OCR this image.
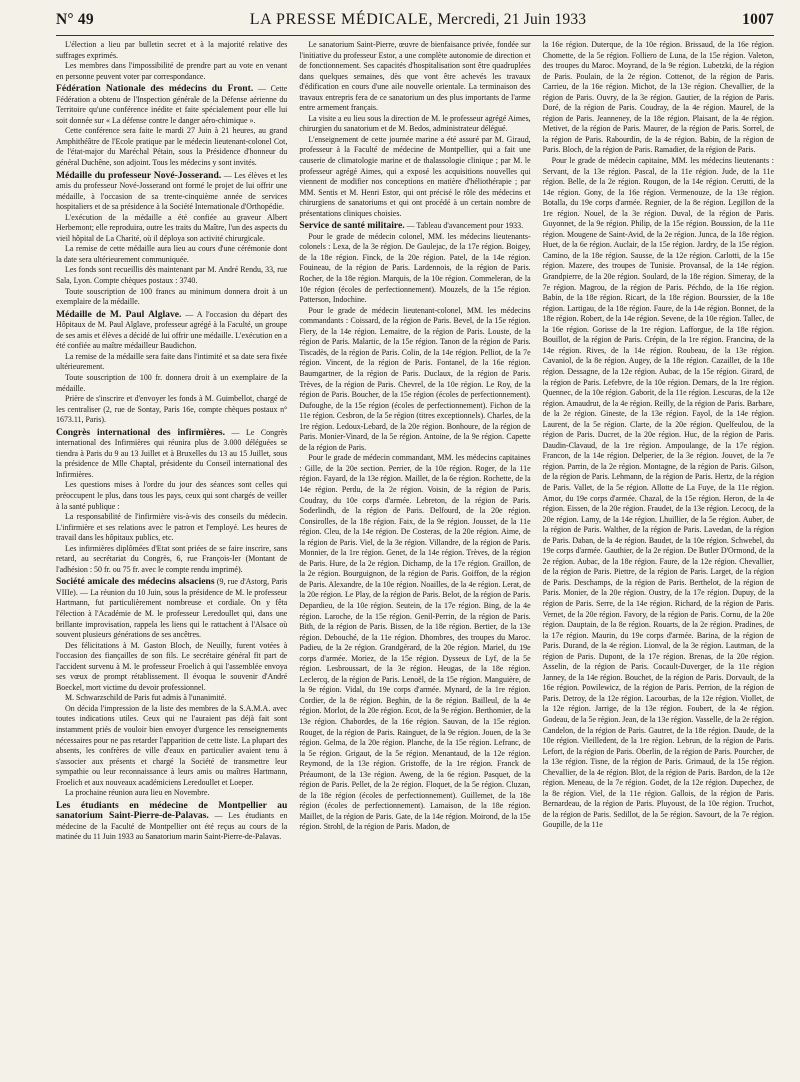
N° 49	LA PRESSE MÉDICALE, Mercredi, 21 Juin 1933	1007

L'élection a lieu par bulletin secret et à la majorité relative des suffrages exprimés.

Les membres dans l'impossibilité de prendre part au vote en venant en personne peuvent voter par correspondance.

Fédération Nationale des médecins du Front. — Cette Fédération a obtenu de l'Inspection générale de la Défense aérienne du Territoire qu'une conférence inédite et faite spécialement pour elle lui soit donnée sur « La défense contre le danger aéro-chimique ».

Cette conférence sera faite le mardi 27 Juin à 21 heures, au grand Amphithéâtre de l'Ecole pratique par le médecin lieutenant-colonel Cot, de l'état-major du Maréchal Pétain, sous la Présidence d'honneur du général Duchêne, son adjoint. Tous les médecins y sont invités.

Médaille du professeur Nové-Josserand. — Les élèves et les amis du professeur Nové-Josserand ont formé le projet de lui offrir une médaille, à l'occasion de sa trente-cinquième année de services hospitaliers et de sa présidence à la Société Internationale d'Orthopédie.

L'exécution de la médaille a été confiée au graveur Albert Herbemont; elle reproduira, outre les traits du Maître, l'un des aspects du vieil hôpital de La Charité, où il déploya son activité chirurgicale.

La remise de cette médaille aura lieu au cours d'une cérémonie dont la date sera ultérieurement communiquée.

Les fonds sont recueillis dès maintenant par M. André Rendu, 33, rue Sala, Lyon. Compte chèques postaux : 3740.

Toute souscription de 100 francs au minimum donnera droit à un exemplaire de la médaille.

Médaille de M. Paul Alglave. — A l'occasion du départ des Hôpitaux de M. Paul Alglave, professeur agrégé à la Faculté, un groupe de ses amis et élèves a décidé de lui offrir une médaille. L'exécution en a été confiée au maître médailleur Baudichon.

La remise de la médaille sera faite dans l'intimité et sa date sera fixée ultérieurement.

Toute souscription de 100 fr. donnera droit à un exemplaire de la médaille.

Prière de s'inscrire et d'envoyer les fonds à M. Guimbellot, chargé de les centraliser (2, rue de Sontay, Paris 16e, compte chèques postaux n° 1673.11, Paris).

Congrès international des infirmières. — Le Congrès international des Infirmières qui réunira plus de 3.000 déléguées se tiendra à Paris du 9 au 13 Juillet et à Bruxelles du 13 au 15 Juillet, sous la présidence de Mlle Chaptal, présidente du Conseil international des Infirmières.

Les questions mises à l'ordre du jour des séances sont celles qui préoccupent le plus, dans tous les pays, ceux qui sont chargés de veiller à la santé publique :

La responsabilité de l'infirmière vis-à-vis des conseils du médecin. L'infirmière et ses relations avec le patron et l'employé. Les heures de travail dans les hôpitaux publics, etc.

Les infirmières diplômées d'Etat sont priées de se faire inscrire, sans retard, au secrétariat du Congrès, 6, rue François-Ier (Montant de l'adhésion : 50 fr. ou 75 fr. avec le compte rendu imprimé).

Société amicale des médecins alsaciens (9, rue d'Astorg, Paris VIIIe). — La réunion du 10 Juin, sous la présidence de M. le professeur Hartmann, fut particulièrement nombreuse et cordiale. On y fêta l'élection à l'Académie de M. le professeur Leredoullet qui, dans une brillante improvisation, rappela les liens qui le rattachent à l'Alsace où souvent plusieurs générations de ses ancêtres.

Des félicitations à M. Gaston Bloch, de Neuilly, furent votées à l'occasion des fiançailles de son fils. Le secrétaire général fit part de l'accident survenu à M. le professeur Froelich à qui l'assemblée envoya ses vœux de prompt rétablissement. Il évoqua le souvenir d'André Boeckel, mort victime du devoir professionnel.

M. Schwarzschild de Paris fut admis à l'unanimité.

On décida l'impression de la liste des membres de la S.A.M.A. avec toutes indications utiles. Ceux qui ne l'auraient pas déjà fait sont instamment priés de vouloir bien envoyer d'urgence les renseignements nécessaires pour ne pas retarder l'apparition de cette liste. La plupart des absents, les confrères de ville d'eaux en particulier avaient tenu à s'associer aux présents et chargé la Société de transmettre leur sympathie ou leur reconnaissance à leurs amis ou maîtres Hartmann, Froelich et aux nouveaux académiciens Leredoullet et Loeper.

La prochaine réunion aura lieu en Novembre.

Les étudiants en médecine de Montpellier au sanatorium Saint-Pierre-de-Palavas. — Les étudiants en médecine de la Faculté de Montpellier ont été reçus au cours de la matinée du 11 Juin 1933 au Sanatorium marin Saint-Pierre-de-Palavas.

Le sanatorium Saint-Pierre, œuvre de bienfaisance privée, fondée sur l'initiative du professeur Estor, a une complète autonomie de direction et de fonctionnement. Ses capacités d'hospitalisation sont être quadruplées dans quelques semaines, dès que vont être achevés les travaux d'édification en cours d'une aile nouvelle orientale. La terminaison des travaux entrepris fera de ce sanatorium un des plus importants de l'arme entre armement français.

La visite a eu lieu sous la direction de M. le professeur agrégé Aimes, chirurgien du sanatorium et de M. Bedos, administrateur délégué.

L'enseignement de cette journée marine a été assuré par M. Giraud, professeur à la Faculté de médecine de Montpellier, qui a fait une causerie de climatologie marine et de thalassologie clinique ; par M. le professeur agrégé Aimes, qui a exposé les acquisitions nouvelles qui viennent de modifier nos conceptions en matière d'héliothérapie ; par MM. Sentis et M. Henri Estor, qui ont précisé le rôle des médecins et chirurgiens de sanatoriums et qui ont procédé à un certain nombre de présentations cliniques choisies.

Service de santé militaire. — Tableau d'avancement pour 1933.

Pour le grade de médecin colonel, MM. les médecins lieutenants-colonels : Lexa, de la 3e région. De Gaulejac, de la 17e région. Boigey, de la 18e région. Finck, de la 20e région. Patel, de la 14e région. Fouineau, de la région de Paris. Lardennois, de la région de Paris. Rocher, de la 18e région. Marquis, de la 10e région. Commeleran, de la 10e région (écoles de perfectionnement). Mouzels, de la 15e région. Patterson, Indochine.

Pour le grade de médecin lieutenant-colonel, MM. les médecins commandants : Coissard, de la région de Paris. Bevel, de la 15e région. Fiery, de la 14e région. Lemaitre, de la région de Paris. Louste, de la région de Paris. Malartic, de la 15e région. Tanon de la région de Paris. Tiscadès, de la région de Paris. Colin, de la 14e région. Pelliot, de la 7e région. Vincent, de la région de Paris. Fontanel, de la 16e région. Baumgartner, de la région de Paris. Duclaux, de la région de Paris. Trèves, de la région de Paris. Chevrel, de la 10e région. Le Roy, de la région de Paris. Boucher, de la 15e région (écoles de perfectionnement). Dufoughe, de la 15e région (écoles de perfectionnement). Fichon de la 11e région. Cesbron, de la 5e région (titres exceptionnels). Charles, de la 1re région. Ledoux-Lebard, de la 20e région. Bonhoure, de la région de Paris. Monier-Vinard, de la 5e région. Antoine, de la 9e région. Capette de la région de Paris.

Pour le grade de médecin commandant, MM. les médecins capitaines : Gille, de la 20e section. Perrier, de la 10e région. Roger, de la 11e région. Fayard, de la 13e région. Maillet, de la 6e région. Rochette, de la 14e région. Perdu, de la 2e région. Voisin, de la région de Paris. Coudray, du 10e corps d'armée. Lebreton, de la région de Paris. Soderlindh, de la région de Paris. Delfourd, de la 20e région. Consirolles, de la 18e région. Faix, de la 9e région. Jousset, de la 11e région. Cleu, de la 14e région. De Costeras, de la 20e région. Aime, de la région de Paris. Viel, de la 3e région. Villandre, de la région de Paris. Monnier, de la 1re région. Genet, de la 14e région. Trèves, de la région de Paris. Hure, de la 2e région. Dichamp, de la 17e région. Graillon, de la 2e région. Bourguignon, de la région de Paris. Goiffon, de la région de Paris. Alexandre, de la 10e région. Noailles, de la 4e région. Lerat, de la 20e région. Le Play, de la région de Paris. Belot, de la région de Paris. Depardieu, de la 10e région. Seutein, de la 17e région. Bing, de la 4e région. Laroche, de la 15e région. Genil-Perrin, de la région de Paris. Bith, de la région de Paris. Bissen, de la 18e région. Bertier, de la 13e région. Debouché, de la 11e région. Dhombres, des troupes du Maroc. Padieu, de la 2e région. Grandgérard, de la 20e région. Mariel, du 19e corps d'armée. Moriez, de la 15e région. Dysseux de Lyf, de la 5e région. Lesbroussart, de la 3e région. Heugas, de la 18e région. Leclercq, de la région de Paris. Lenoël, de la 15e région. Manguière, de la 9e région. Vidal, du 19e corps d'armée. Mynard, de la 1re région. Cordier, de la 8e région. Beghin, de la 8e région. Bailleul, de la 4e région. Morlot, de la 20e région. Ecot, de la 9e région. Berthomier, de la 13e région. Chabordes, de la 16e région. Sauvan, de la 15e région. Rouget, de la région de Paris. Rainguet, de la 9e région. Jouen, de la 3e région. Gelma, de la 20e région. Planche, de la 15e région. Lefranc, de la 5e région. Grigaut, de la 5e région. Menantaud, de la 12e région. Reymond, de la 13e région. Gristoffe, de la 1re région. Franck de Préaumont, de la 13e région. Aweng, de la 6e région. Pasquet, de la région de Paris. Pellet, de la 2e région. Floquet, de la 5e région. Cluzan, de la 18e région (écoles de perfectionnement). Guillemet, de la 18e région (écoles de perfectionnement). Lamaison, de la 18e région. Maillet, de la région de Paris. Gate, de la 14e région. Moirond, de la 15e région. Strohl, de la région de Paris. Madon, de

la 16e région. Duterque, de la 10e région. Brissaud, de la 16e région. Chomette, de la 5e région. Folliero de Luna, de la 15e région. Valeton, des troupes du Maroc. Moyrand, de la 9e région. Lubetzki, de la région de Paris. Poulain, de la 2e région. Cottenot, de la région de Paris. Carrieu, de la 16e région. Michot, de la 13e région. Chevallier, de la région de Paris. Ouvry, de la 3e région. Gautier, de la région de Paris. Doré, de la région de Paris. Coudray, de la 4e région. Maurel, de la région de Paris. Jeanneney, de la 18e région. Plaisant, de la 4e région. Metivet, de la région de Paris. Maurer, de la région de Paris. Sorrel, de la région de Paris. Rabourdin, de la 4e région. Babin, de la région de Paris. Bloch, de la région de Paris. Ramadier, de la région de Paris.

Pour le grade de médecin capitaine, MM. les médecins lieutenants : Servant, de la 13e région. Pascal, de la 11e région. Jude, de la 11e région. Belle, de la 2e région. Rougon, de la 14e région. Cerutti, de la 14e région. Gony, de la 16e région. Vermenouze, de la 13e région. Botalla, du 19e corps d'armée. Regnier, de la 8e région. Legillon de la 1re région. Nouel, de la 3e région. Duval, de la région de Paris. Guyonnet, de la 9e région. Philip, de la 15e région. Boussion, de la 11e région. Mougene de Saint-Avid, de la 2e région. Junca, de la 18e région. Huet, de la 6e région. Auclair, de la 15e région. Jardry, de la 15e région. Camino, de la 18e région. Sausse, de la 12e région. Carlotti, de la 15e région. Mazere, des troupes de Tunisie. Provansal, de la 14e région. Grandpierre, de la 20e région. Soulard, de la 18e région. Simeray, de la 7e région. Magrou, de la région de Paris. Péchdo, de la 16e région. Babin, de la 18e région. Ricart, de la 18e région. Bourssier, de la 18e région. Lartigau, de la 18e région. Faure, de la 14e région. Bonnet, de la 18e région. Robert, de la 14e région. Sevene, de la 10e région. Tallec, de la 16e région. Gorisse de la 1re région. Lafforgue, de la 18e région. Bouillot, de la région de Paris. Crépin, de la 1re région. Francina, de la 14e région. Rives, de la 14e région. Roubeau, de la 13e région. Cavaniol, de la 8e région. Augey, de la 18e région. Cazaillet, de la 18e région. Dessagne, de la 12e région. Aubac, de la 15e région. Girard, de la région de Paris. Lefebvre, de la 10e région. Demars, de la 1re région. Quennec, de la 10e région. Gaborit, de la 11e région. Lescuras, de la 12e région. Amaudrut, de la 4e région. Reilly, de la région de Paris. Barbare, de la 2e région. Gineste, de la 13e région. Fayol, de la 14e région. Laurent, de la 5e région. Clarte, de la 20e région. Quelfeulou, de la région de Paris. Ducret, de la 20e région. Huc, de la région de Paris. Daudin-Clavaud, de la 1re région. Ampoulange, de la 17e région. Francon, de la 14e région. Delperier, de la 3e région. Jouvet, de la 7e région. Parrin, de la 2e région. Montagne, de la région de Paris. Gilson, de la région de Paris. Lehmann, de la région de Paris. Hertz, de la région de Paris. Vallet, de la 5e région. Allotte de La Fuye, de la 11e région. Amor, du 19e corps d'armée. Chazal, de la 15e région. Heron, de la 4e région. Eissen, de la 20e région. Fraudet, de la 13e région. Lecocq, de la 20e région. Lamy, de la 14e région. Lhuillier, de la 5e région. Auber, de la région de Paris. Walther, de la région de Paris. Lavedan, de la région de Paris. Daban, de la 4e région. Baudet, de la 10e région. Schwebel, du 19e corps d'armée. Gauthier, de la 2e région. De Butler D'Ormond, de la 2e région. Aubac, de la 18e région. Faure, de la 12e région. Chevallier, de la région de Paris. Piettre, de la région de Paris. Larget, de la région de Paris. Deschamps, de la région de Paris. Berthelot, de la région de Paris. Monier, de la 20e région. Oustry, de la 17e région. Dupuy, de la région de Paris. Serre, de la 14e région. Richard, de la région de Paris. Vernet, de la 20e région. Favory, de la région de Paris. Cornu, de la 20e région. Dauptain, de la 8e région. Rouarts, de la 2e région. Pradines, de la 17e région. Maurin, du 19e corps d'armée. Barina, de la région de Paris. Durand, de la 4e région. Lionval, de la 3e région. Lautman, de la région de Paris. Dupont, de la 17e région. Brenas, de la 20e région. Asselin, de la région de Paris. Cocault-Duverger, de la 11e région Janney, de la 14e région. Bouchet, de la région de Paris. Dorvault, de la 16e région. Powilewicz, de la région de Paris. Perrion, de la région de Paris. Detroy, de la 12e région. Lacourbas, de la 12e région. Viollet, de la 12e région. Jarrige, de la 13e région. Foubert, de la 4e région. Godeau, de la 5e région. Jean, de la 13e région. Vasselle, de la 2e région. Candelon, de la région de Paris. Gautret, de la 18e région. Daude, de la 10e région. Vieilledent, de la 1re région. Lebrun, de la région de Paris. Lefort, de la région de Paris. Oberlin, de la région de Paris. Pourcher, de la 13e région. Tisne, de la région de Paris. Grimaud, de la 15e région. Chevallier, de la 4e région. Blot, de la région de Paris. Bardon, de la 12e région. Meneau, de la 7e région. Godet, de la 12e région. Dupechez, de la 8e région. Viel, de la 11e région. Gallois, de la région de Paris. Bernardeau, de la région de Paris. Pluyoust, de la 10e région. Truchot, de la région de Paris. Sedillot, de la 5e région. Savourt, de la 7e région. Goupille, de la 11e
